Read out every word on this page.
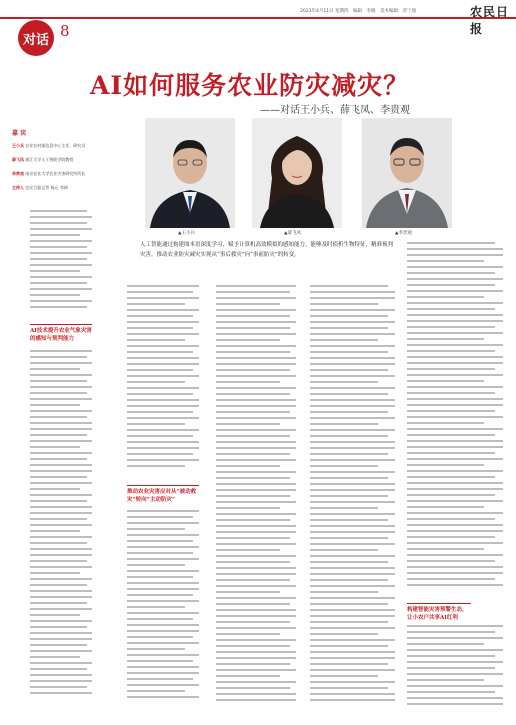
对话 8
2023年4月11日 星期四　编辑：李晓　美术编辑：苏宁瑞	农民日报
AI如何服务农业防灾减灾？
——对话王小兵、薛飞凤、李贵观
嘉 宾
王小兵 农业农村部信息中心主任、研究员
薛飞凤 浙江大学人工智能学院教授
李贵观 南京农业大学农业灾害研究所所长
主持人 农民日报记者 杨元 李研
▲王小兵	▲薛飞凤	▲李贵观
人工智能通过构建图本语深度学习，赋予计算机高效模拟的感知能力，能够及时侦析生物特征，精准预判灾害，推动农业防灾减灾实现从“事后救灾”向“事前防灾”的转变。
AI技术提升农业气象灾害的感知与预判能力
推动农业灾害应对从“被动救灾”转向“主动防灾”
构建智能灾害预警生态，让小农户共享AI红利
